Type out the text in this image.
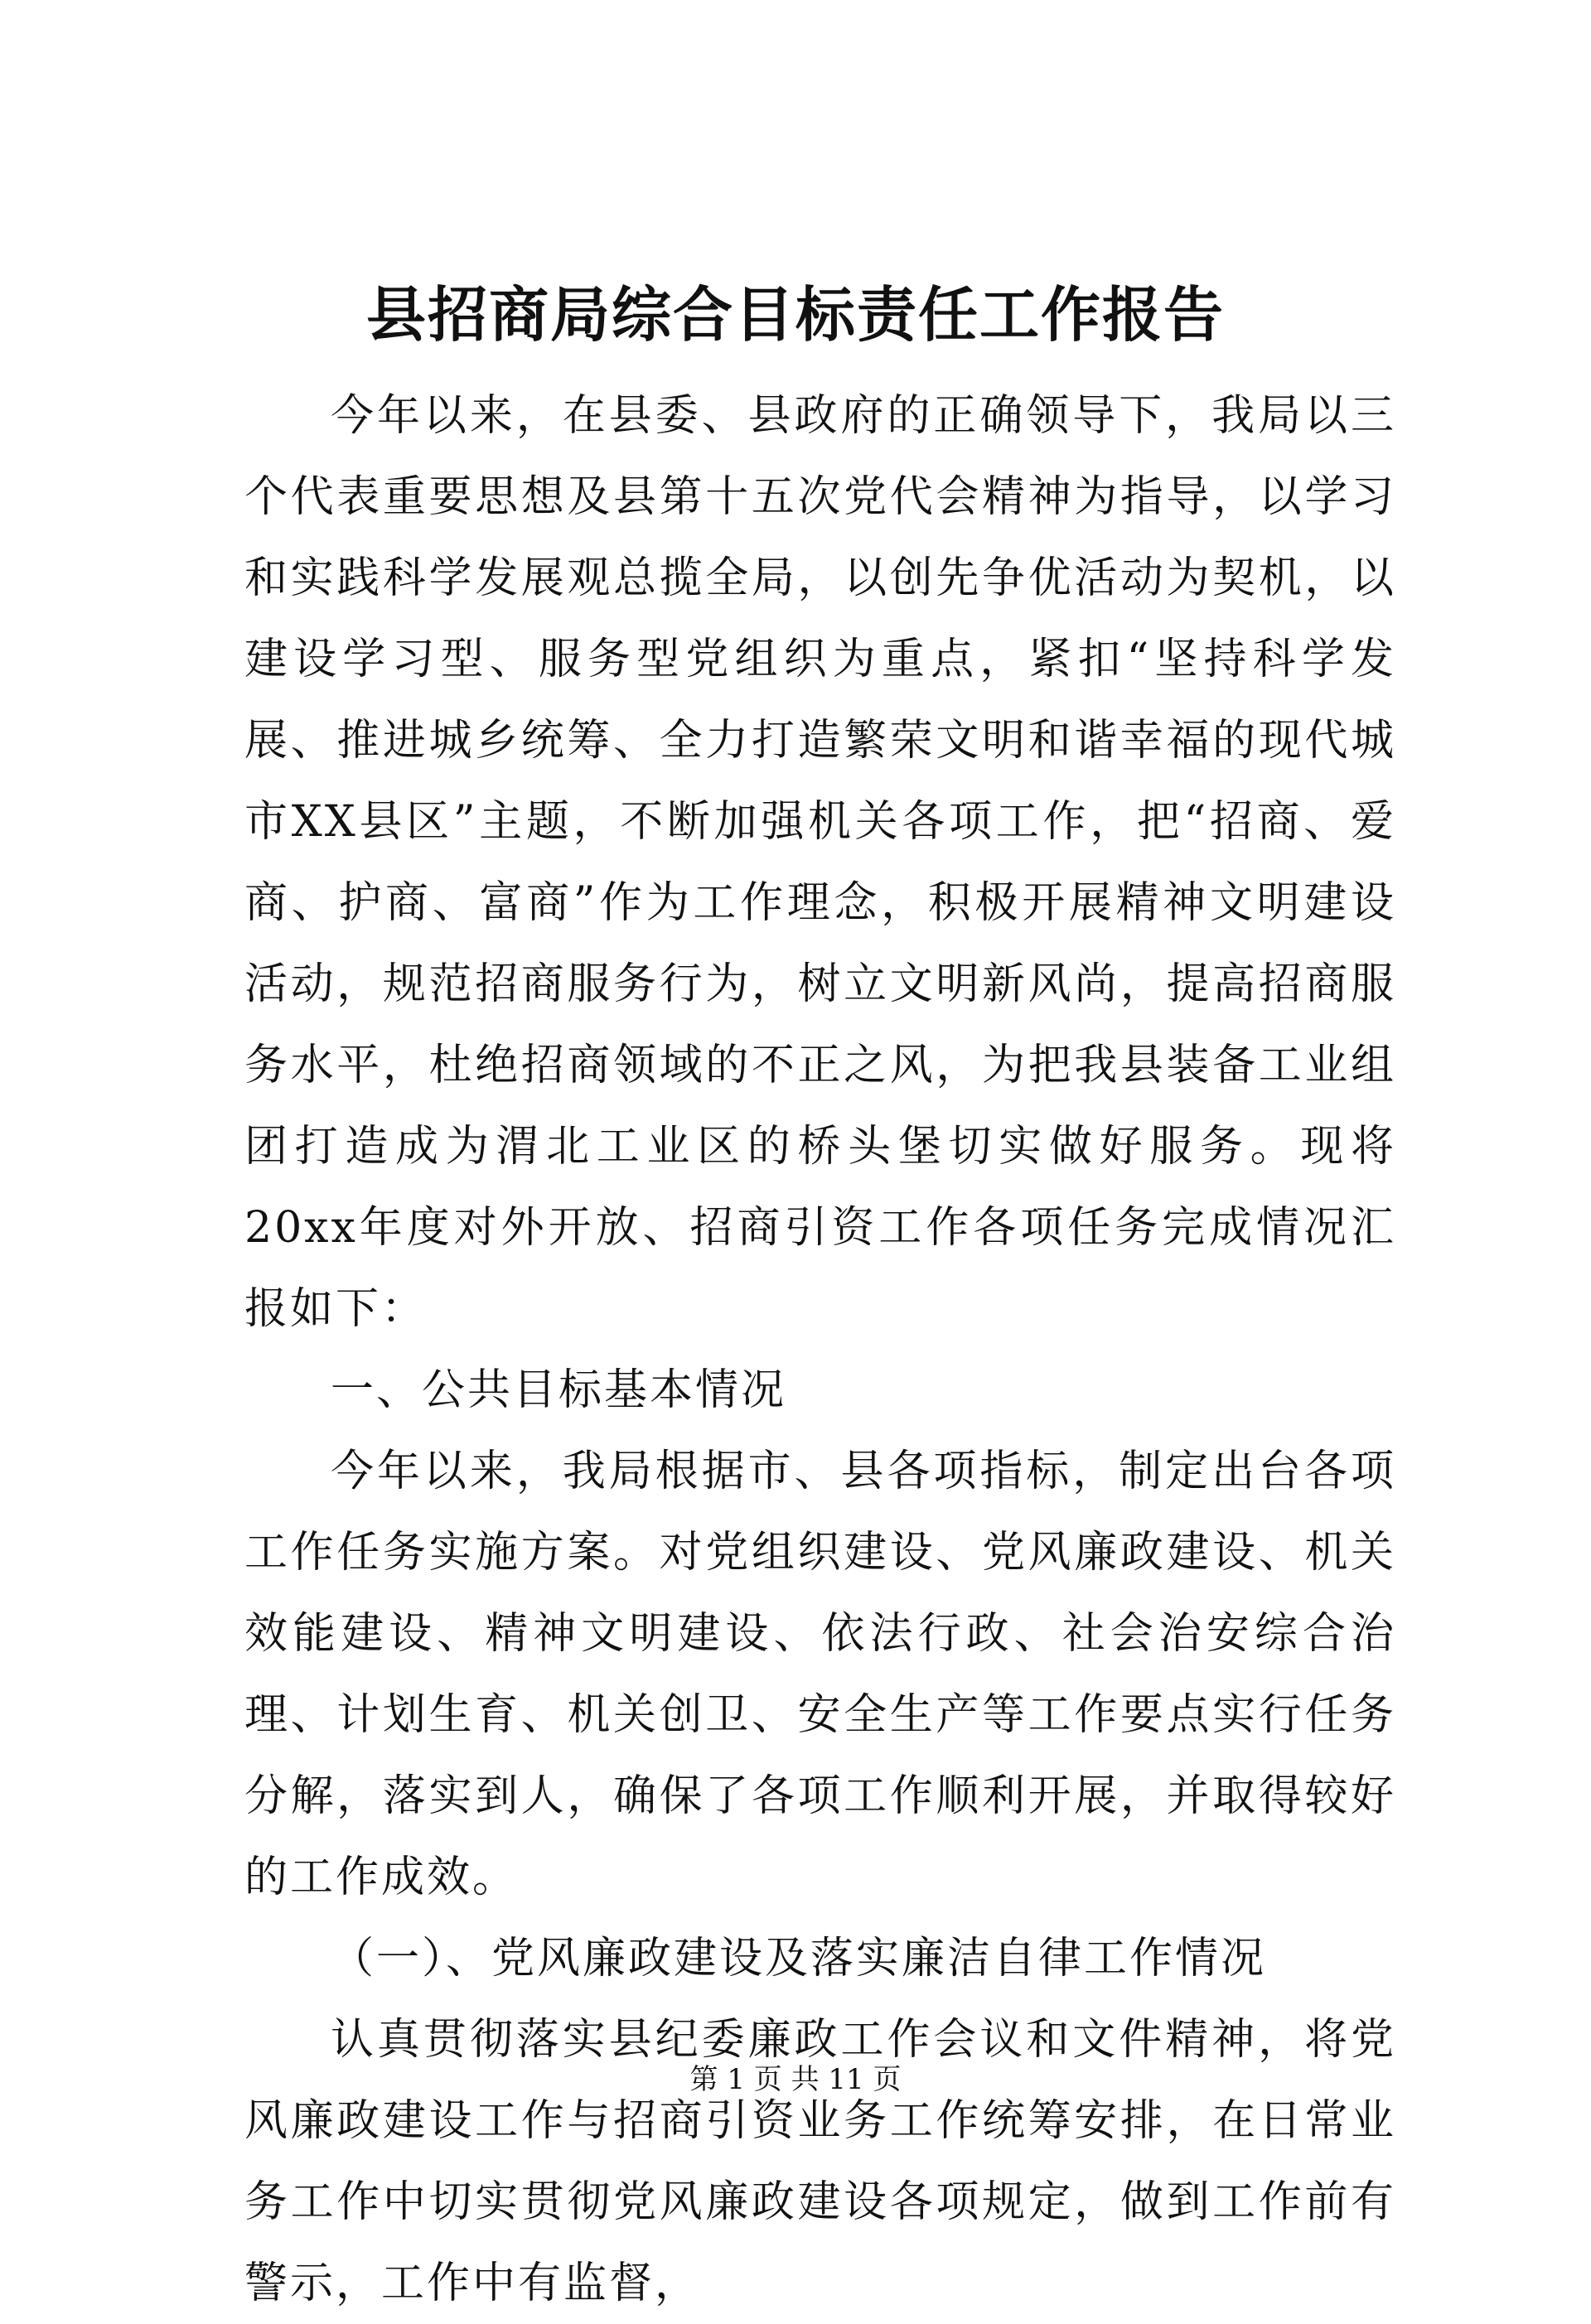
县招商局综合目标责任工作报告

今年以来，在县委、县政府的正确领导下，我局以三个代表重要思想及县第十五次党代会精神为指导，以学习和实践科学发展观总揽全局，以创先争优活动为契机，以建设学习型、服务型党组织为重点，紧扣“坚持科学发展、推进城乡统筹、全力打造繁荣文明和谐幸福的现代城市XX县区”主题，不断加强机关各项工作，把“招商、爱商、护商、富商”作为工作理念，积极开展精神文明建设活动，规范招商服务行为，树立文明新风尚，提高招商服务水平，杜绝招商领域的不正之风，为把我县装备工业组团打造成为渭北工业区的桥头堡切实做好服务。现将20xx年度对外开放、招商引资工作各项任务完成情况汇报如下：

一、公共目标基本情况

今年以来，我局根据市、县各项指标，制定出台各项工作任务实施方案。对党组织建设、党风廉政建设、机关效能建设、精神文明建设、依法行政、社会治安综合治理、计划生育、机关创卫、安全生产等工作要点实行任务分解，落实到人，确保了各项工作顺利开展，并取得较好的工作成效。

（一）、党风廉政建设及落实廉洁自律工作情况

认真贯彻落实县纪委廉政工作会议和文件精神，将党风廉政建设工作与招商引资业务工作统筹安排，在日常业务工作中切实贯彻党风廉政建设各项规定，做到工作前有警示，工作中有监督，

第 1 页 共 11 页
